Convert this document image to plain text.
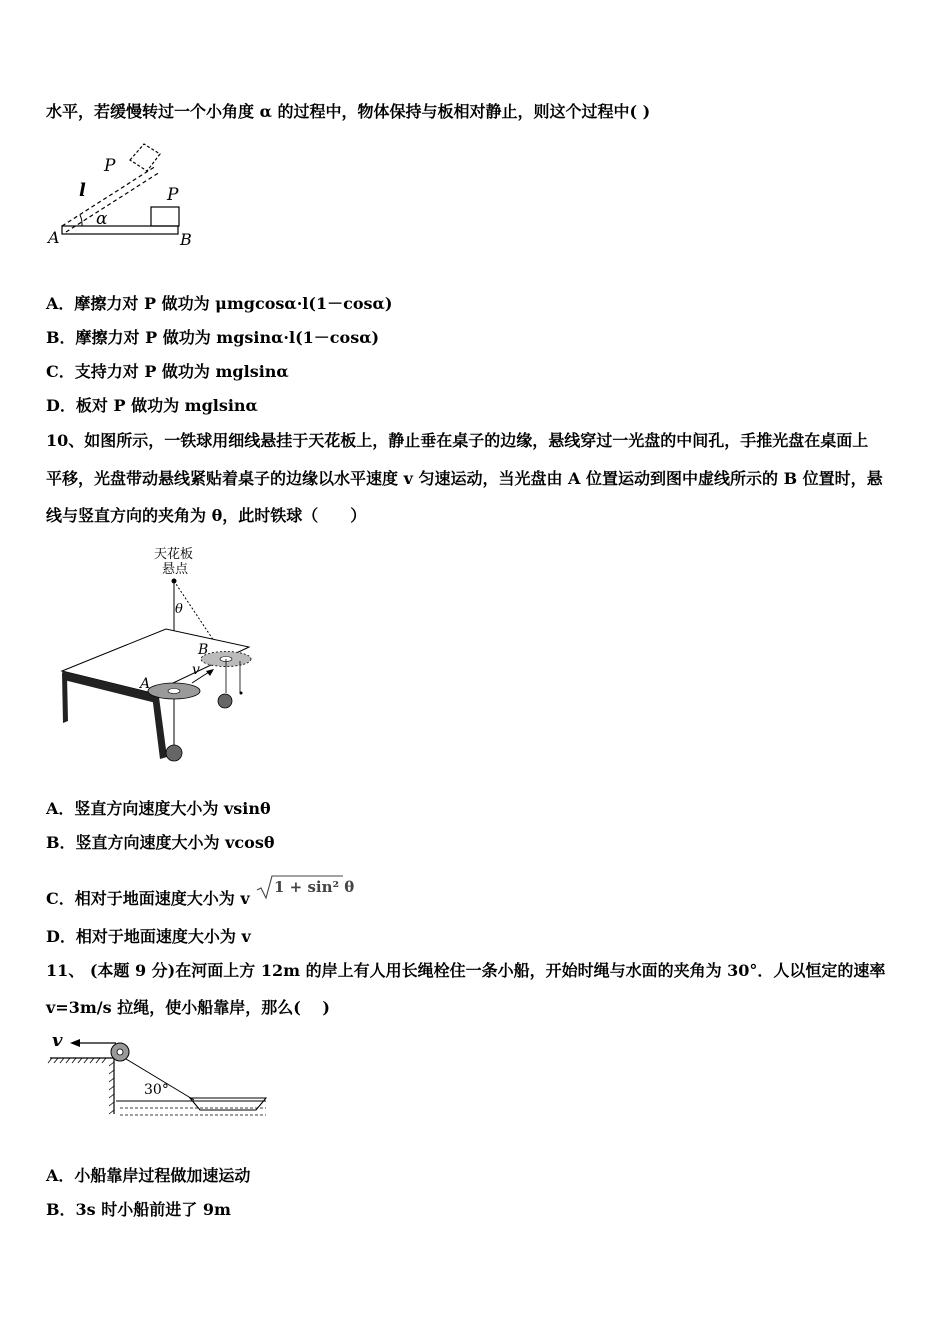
水平，若缓慢转过一个小角度 α 的过程中，物体保持与板相对静止，则这个过程中( )
P
P
l
α
A	B
A．摩擦力对 P 做功为 μmgcosα·l(1－cosα)
B．摩擦力对 P 做功为 mgsinα·l(1－cosα)
C．支持力对 P 做功为 mglsinα
D．板对 P 做功为 mglsinα
10、如图所示，一铁球用细线悬挂于天花板上，静止垂在桌子的边缘，悬线穿过一光盘的中间孔，手推光盘在桌面上
平移，光盘带动悬线紧贴着桌子的边缘以水平速度 v 匀速运动，当光盘由 A 位置运动到图中虚线所示的 B 位置时，悬
线与竖直方向的夹角为 θ，此时铁球（　　）
天花板
悬点
θ
A
B
v
A．竖直方向速度大小为 vsinθ
B．竖直方向速度大小为 vcosθ
C．相对于地面速度大小为 v
1 + sin² θ
D．相对于地面速度大小为 v
11、 (本题 9 分)在河面上方 12m 的岸上有人用长绳栓住一条小船，开始时绳与水面的夹角为 30°．人以恒定的速率
v=3m/s 拉绳，使小船靠岸，那么(　 )
v
30°
A．小船靠岸过程做加速运动
B．3s 时小船前进了 9m
